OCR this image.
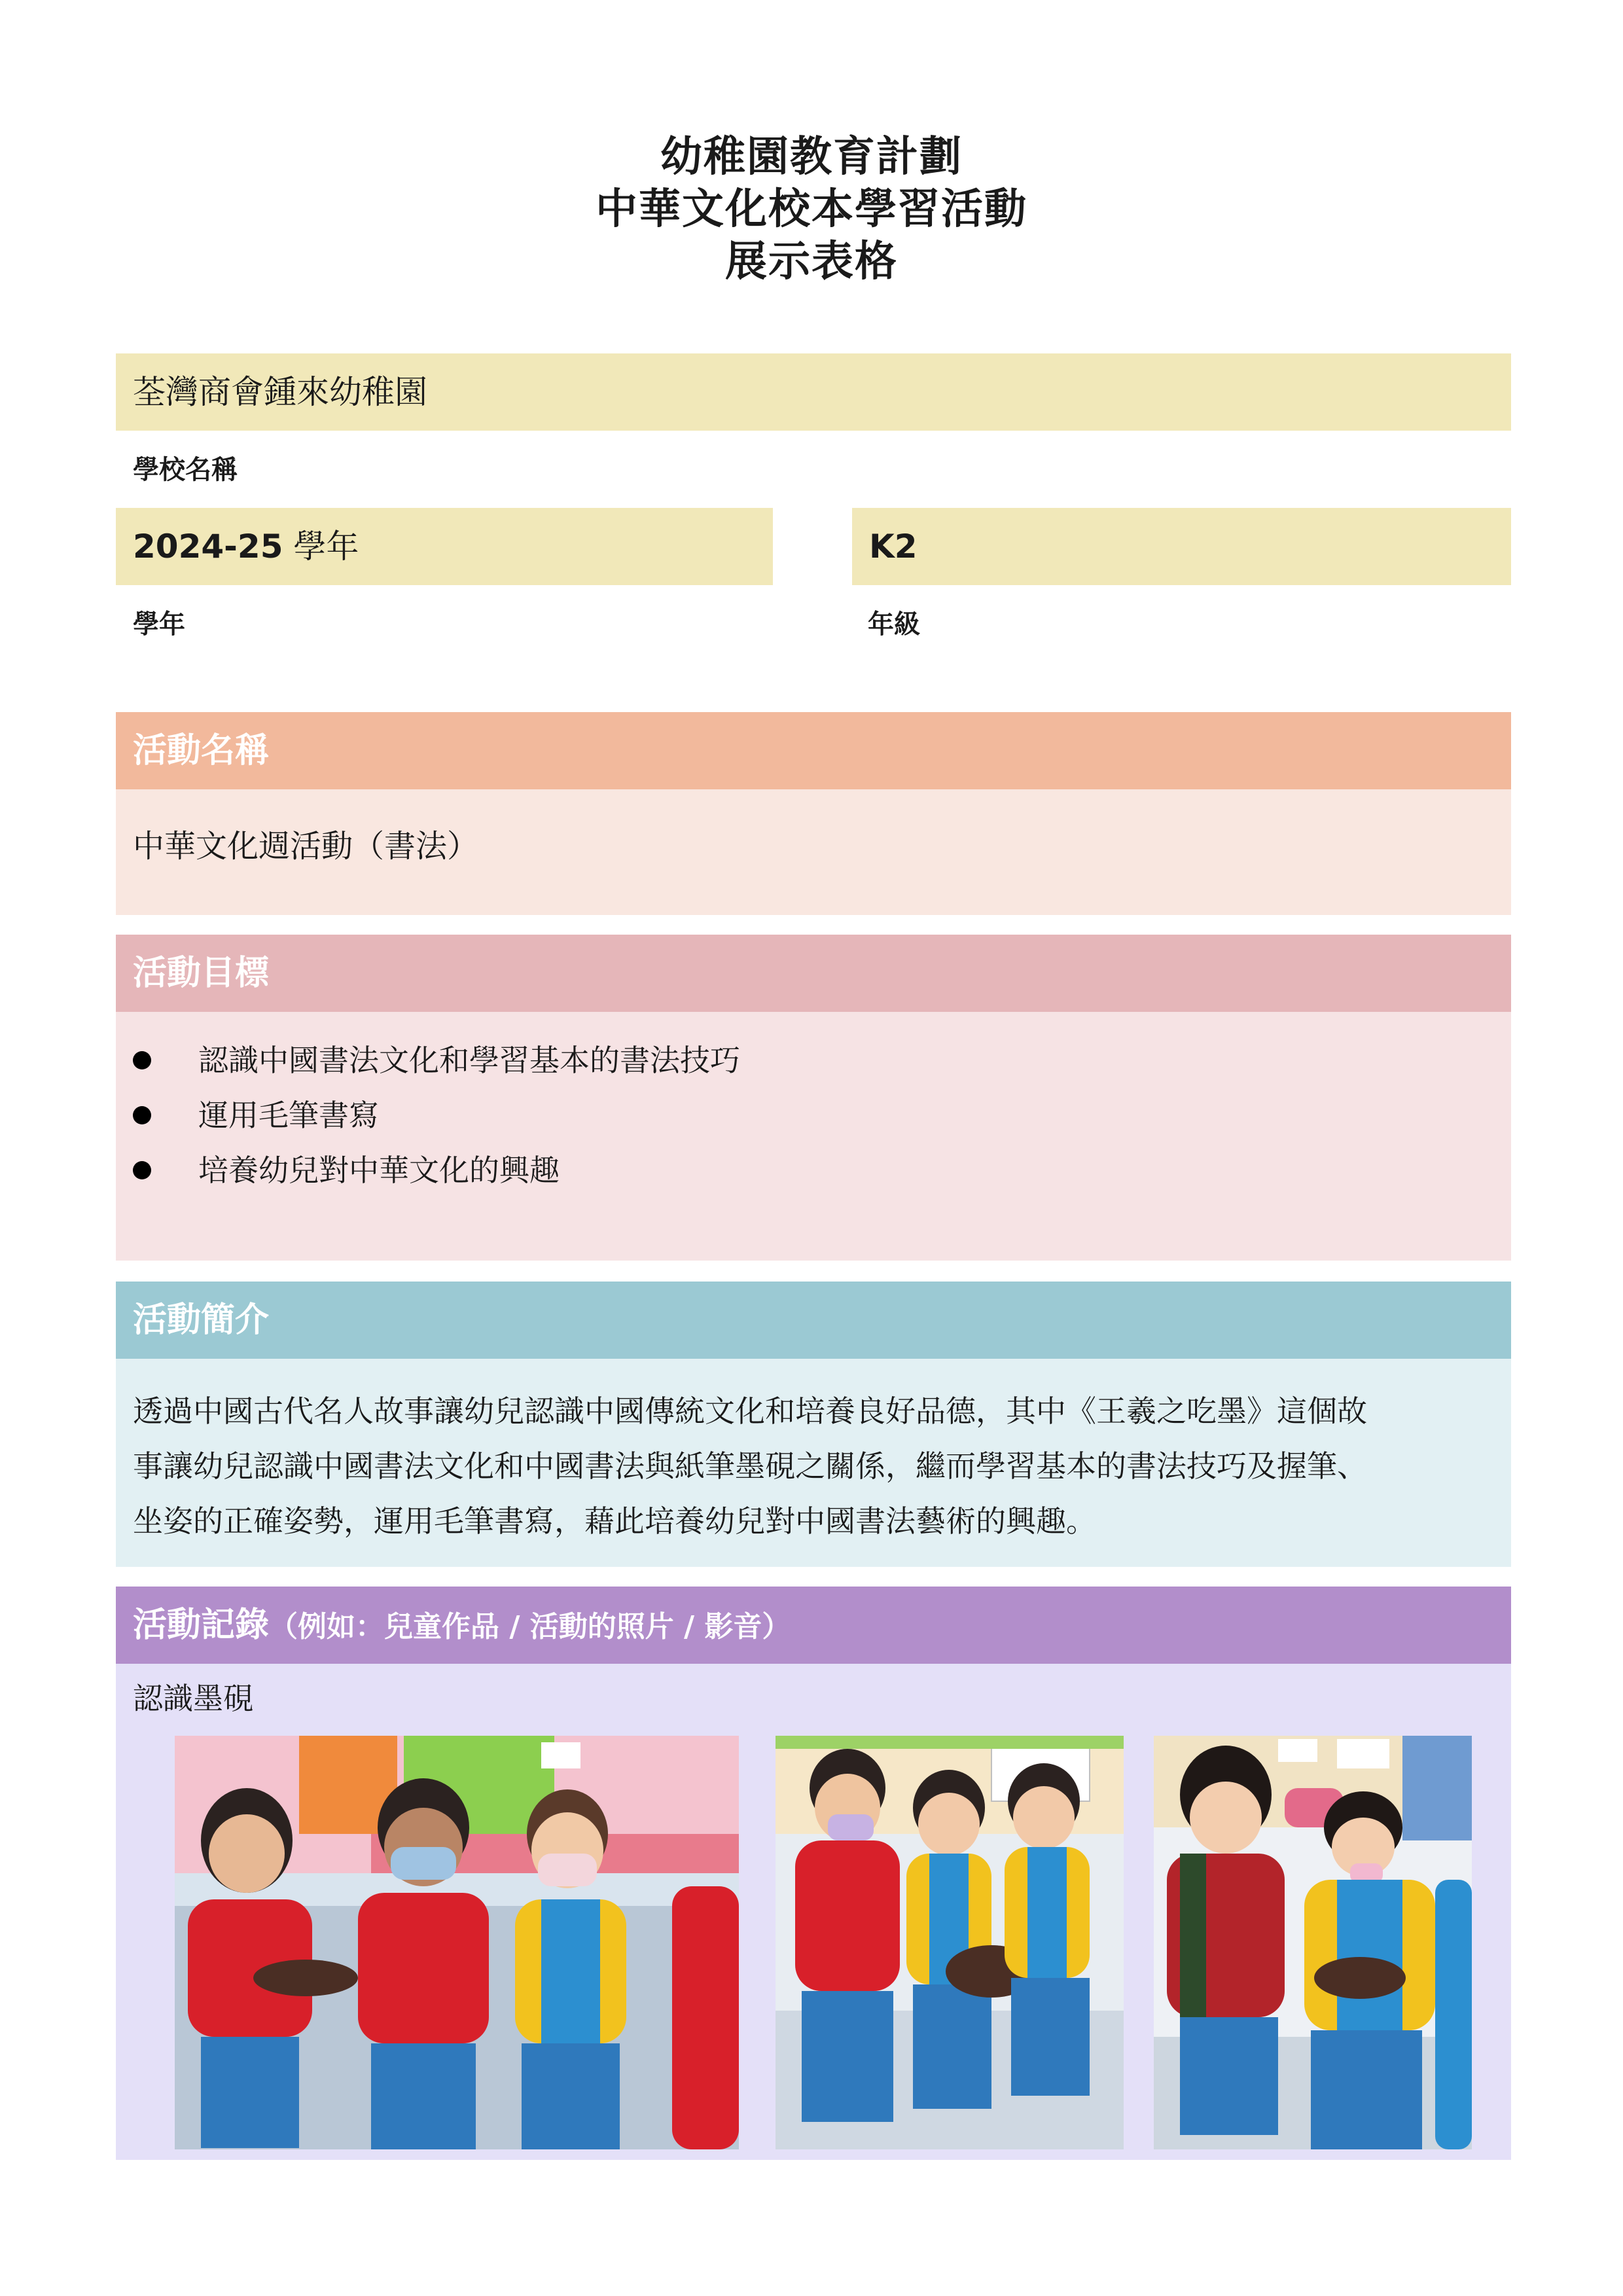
幼稚園教育計劃
中華文化校本學習活動
展示表格
荃灣商會鍾來幼稚園
學校名稱
2024-25 學年
學年
K2
年級
活動名稱
中華文化週活動（書法）
活動目標
認識中國書法文化和學習基本的書法技巧
運用毛筆書寫
培養幼兒對中華文化的興趣
活動簡介
透過中國古代名人故事讓幼兒認識中國傳統文化和培養良好品德，其中《王羲之吃墨》這個故
事讓幼兒認識中國書法文化和中國書法與紙筆墨硯之關係，繼而學習基本的書法技巧及握筆、
坐姿的正確姿勢，運用毛筆書寫，藉此培養幼兒對中國書法藝術的興趣。
活動記錄（例如：兒童作品 / 活動的照片 / 影音）
認識墨硯
